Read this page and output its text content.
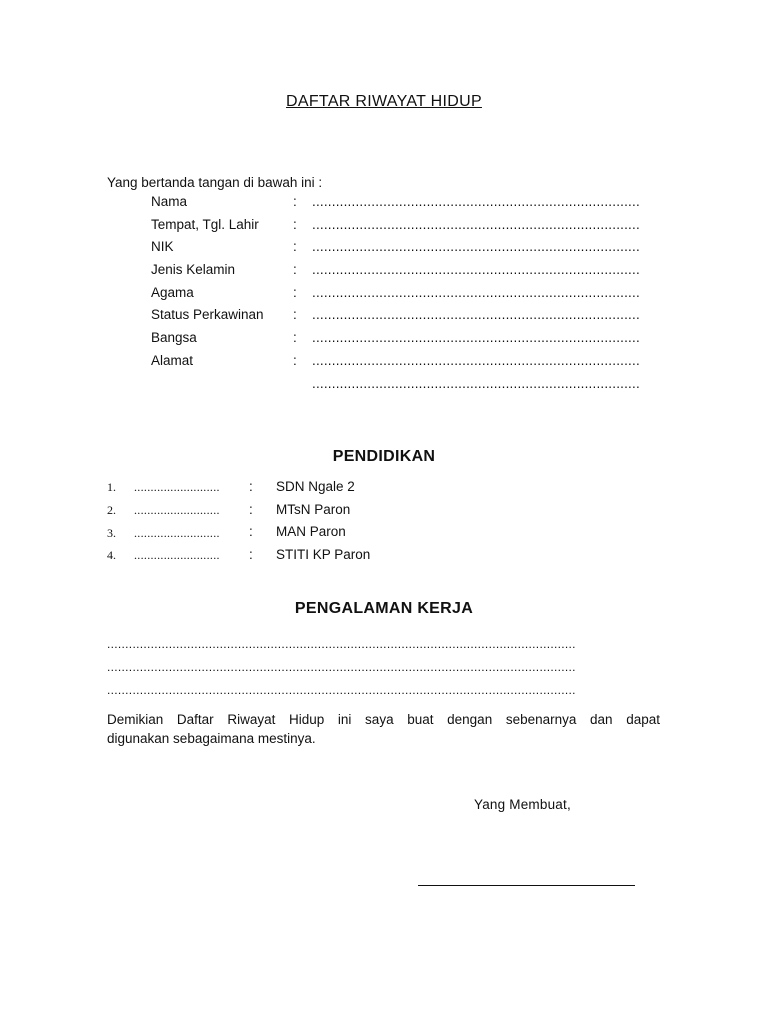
DAFTAR RIWAYAT HIDUP
Yang bertanda tangan di bawah ini :
Nama	: ...................................................................................
Tempat, Tgl. Lahir	: ...................................................................................
NIK	: ...................................................................................
Jenis Kelamin	: ...................................................................................
Agama	: ...................................................................................
Status Perkawinan : ...................................................................................
Bangsa	: ...................................................................................
Alamat	: ...................................................................................
...................................................................................
PENDIDIKAN
1. .......................... : SDN Ngale 2
2. .......................... : MTsN Paron
3. .......................... : MAN Paron
4. .......................... : STITI KP Paron
PENGALAMAN KERJA
.................................................................................................................................
.................................................................................................................................
.................................................................................................................................
Demikian Daftar Riwayat Hidup ini saya buat dengan sebenarnya dan dapat
digunakan sebagaimana mestinya.
Yang Membuat,
